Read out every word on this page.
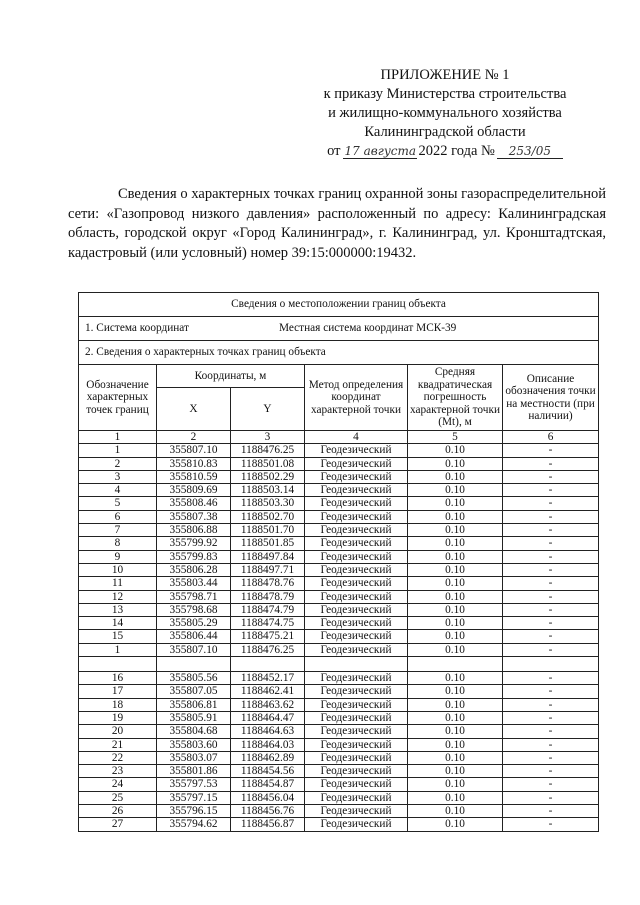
ПРИЛОЖЕНИЕ № 1
к приказу Министерства строительства
и жилищно-коммунального хозяйства
Калининградской области
от 17 августа 2022 года №	253/05
Сведения о характерных точках границ охранной зоны газораспределительной сети: «Газопровод низкого давления» расположенный по адресу: Калининградская область, городской округ «Город Калининград», г. Калининград, ул. Кронштадтская, кадастровый (или условный) номер 39:15:000000:19432.
Сведения о местоположении границ объекта					
1. Система координат Местная система координат МСК-39					
2. Сведения о характерных точках границ объекта					
Обозначение характерных точек границ	Координаты, м		Метод определения координат характерной точки	Средняя квадратическая погрешность характерной точки (Mt), м	Описание обозначения точки на местности (при наличии)
	X	Y			
1	2	3	4	5	6
1	355807.10	1188476.25	Геодезический	0.10	-
2	355810.83	1188501.08	Геодезический	0.10	-
3	355810.59	1188502.29	Геодезический	0.10	-
4	355809.69	1188503.14	Геодезический	0.10	-
5	355808.46	1188503.30	Геодезический	0.10	-
6	355807.38	1188502.70	Геодезический	0.10	-
7	355806.88	1188501.70	Геодезический	0.10	-
8	355799.92	1188501.85	Геодезический	0.10	-
9	355799.83	1188497.84	Геодезический	0.10	-
10	355806.28	1188497.71	Геодезический	0.10	-
11	355803.44	1188478.76	Геодезический	0.10	-
12	355798.71	1188478.79	Геодезический	0.10	-
13	355798.68	1188474.79	Геодезический	0.10	-
14	355805.29	1188474.75	Геодезический	0.10	-
15	355806.44	1188475.21	Геодезический	0.10	-
1	355807.10	1188476.25	Геодезический	0.10	-

16	355805.56	1188452.17	Геодезический	0.10	-
17	355807.05	1188462.41	Геодезический	0.10	-
18	355806.81	1188463.62	Геодезический	0.10	-
19	355805.91	1188464.47	Геодезический	0.10	-
20	355804.68	1188464.63	Геодезический	0.10	-
21	355803.60	1188464.03	Геодезический	0.10	-
22	355803.07	1188462.89	Геодезический	0.10	-
23	355801.86	1188454.56	Геодезический	0.10	-
24	355797.53	1188454.87	Геодезический	0.10	-
25	355797.15	1188456.04	Геодезический	0.10	-
26	355796.15	1188456.76	Геодезический	0.10	-
27	355794.62	1188456.87	Геодезический	0.10	-
